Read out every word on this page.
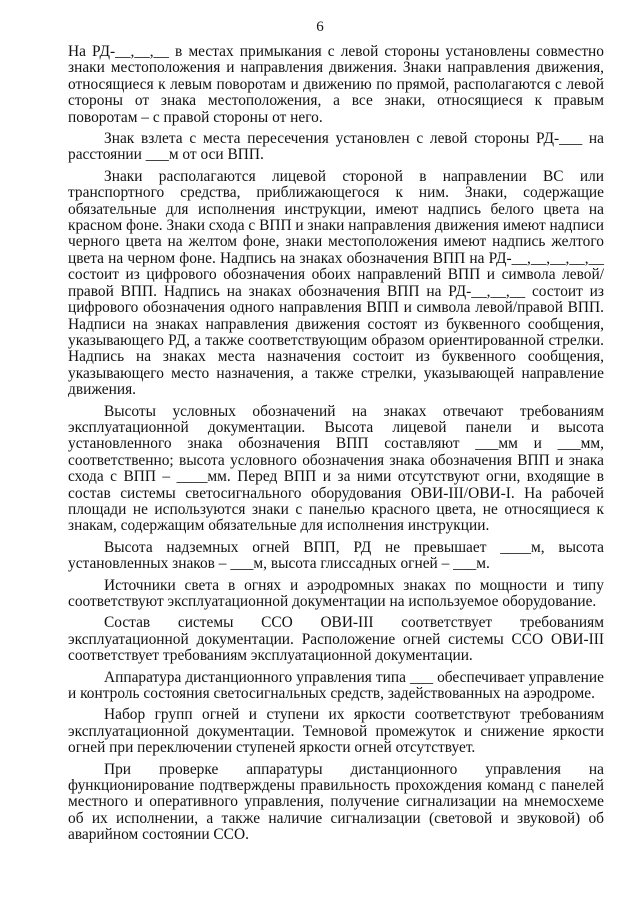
6

На РД-__,__,__ в местах примыкания с левой стороны установлены совместно знаки местоположения и направления движения. Знаки направления движения, относящиеся к левым поворотам и движению по прямой, располагаются с левой стороны от знака местоположения, а все знаки, относящиеся к правым поворотам – с правой стороны от него.

Знак взлета с места пересечения установлен с левой стороны РД-___ на расстоянии ___м от оси ВПП.

Знаки располагаются лицевой стороной в направлении ВС или транспортного средства, приближающегося к ним. Знаки, содержащие обязательные для исполнения инструкции, имеют надпись белого цвета на красном фоне. Знаки схода с ВПП и знаки направления движения имеют надписи черного цвета на желтом фоне, знаки местоположения имеют надпись желтого цвета на черном фоне. Надпись на знаках обозначения ВПП на РД-__,__,__,__,__ состоит из цифрового обозначения обоих направлений ВПП и символа левой/правой ВПП. Надпись на знаках обозначения ВПП на РД-__,__,__ состоит из цифрового обозначения одного направления ВПП и символа левой/правой ВПП. Надписи на знаках направления движения состоят из буквенного сообщения, указывающего РД, а также соответствующим образом ориентированной стрелки. Надпись на знаках места назначения состоит из буквенного сообщения, указывающего место назначения, а также стрелки, указывающей направление движения.

Высоты условных обозначений на знаках отвечают требованиям эксплуатационной документации. Высота лицевой панели и высота установленного знака обозначения ВПП составляют ___мм и ___мм, соответственно; высота условного обозначения знака обозначения ВПП и знака схода с ВПП – ____мм. Перед ВПП и за ними отсутствуют огни, входящие в состав системы светосигнального оборудования ОВИ-III/ОВИ-I. На рабочей площади не используются знаки с панелью красного цвета, не относящиеся к знакам, содержащим обязательные для исполнения инструкции.

Высота надземных огней ВПП, РД не превышает ____м, высота установленных знаков – ___м, высота глиссадных огней – ___м.

Источники света в огнях и аэродромных знаках по мощности и типу соответствуют эксплуатационной документации на используемое оборудование.

Состав системы ССО ОВИ-III соответствует требованиям эксплуатационной документации. Расположение огней системы ССО ОВИ-III соответствует требованиям эксплуатационной документации.

Аппаратура дистанционного управления типа ___ обеспечивает управление и контроль состояния светосигнальных средств, задействованных на аэродроме.

Набор групп огней и ступени их яркости соответствуют требованиям эксплуатационной документации. Темновой промежуток и снижение яркости огней при переключении ступеней яркости огней отсутствует.

При проверке аппаратуры дистанционного управления на функционирование подтверждены правильность прохождения команд с панелей местного и оперативного управления, получение сигнализации на мнемосхеме об их исполнении, а также наличие сигнализации (световой и звуковой) об аварийном состоянии ССО.
